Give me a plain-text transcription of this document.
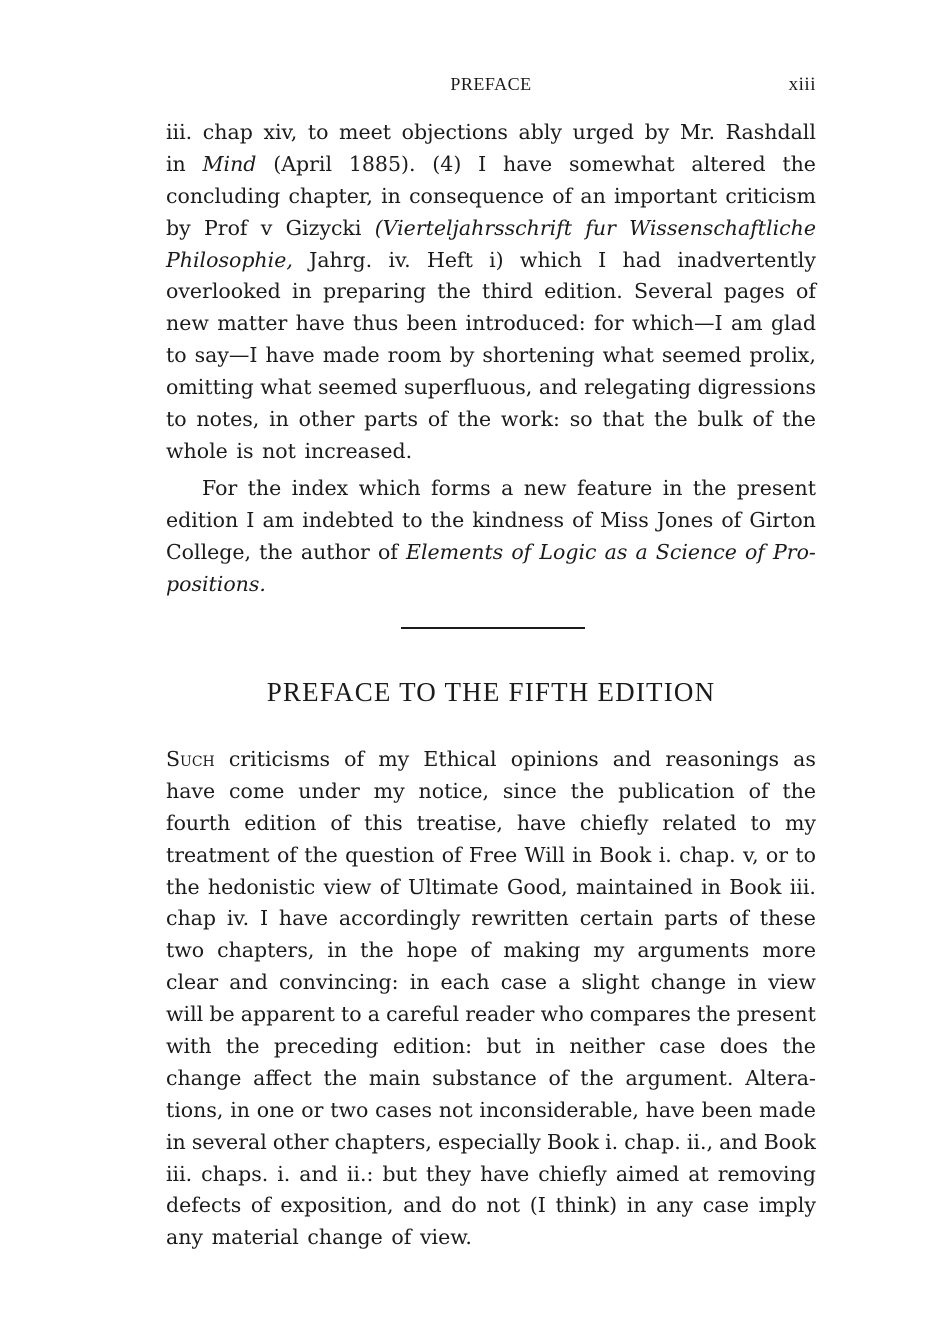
PREFACE	xiii
iii. chap xiv, to meet objections ably urged by Mr. Rashdall
in Mind (April 1885). (4) I have somewhat altered the
concluding chapter, in consequence of an important criticism
by Prof v Gizycki (Vierteljahrsschrift fur Wissenschaftliche
Philosophie, Jahrg. iv. Heft i) which I had inadvertently
overlooked in preparing the third edition. Several pages of
new matter have thus been introduced: for which—I am glad
to say—I have made room by shortening what seemed prolix,
omitting what seemed superfluous, and relegating digressions
to notes, in other parts of the work: so that the bulk of the
whole is not increased.
For the index which forms a new feature in the present
edition I am indebted to the kindness of Miss Jones of Girton
College, the author of Elements of Logic as a Science of Pro-
positions.
PREFACE TO THE FIFTH EDITION
Such criticisms of my Ethical opinions and reasonings as
have come under my notice, since the publication of the
fourth edition of this treatise, have chiefly related to my
treatment of the question of Free Will in Book i. chap. v, or to
the hedonistic view of Ultimate Good, maintained in Book iii.
chap iv. I have accordingly rewritten certain parts of these
two chapters, in the hope of making my arguments more
clear and convincing: in each case a slight change in view
will be apparent to a careful reader who compares the present
with the preceding edition: but in neither case does the
change affect the main substance of the argument. Altera-
tions, in one or two cases not inconsiderable, have been made
in several other chapters, especially Book i. chap. ii., and Book
iii. chaps. i. and ii.: but they have chiefly aimed at removing
defects of exposition, and do not (I think) in any case imply
any material change of view.
